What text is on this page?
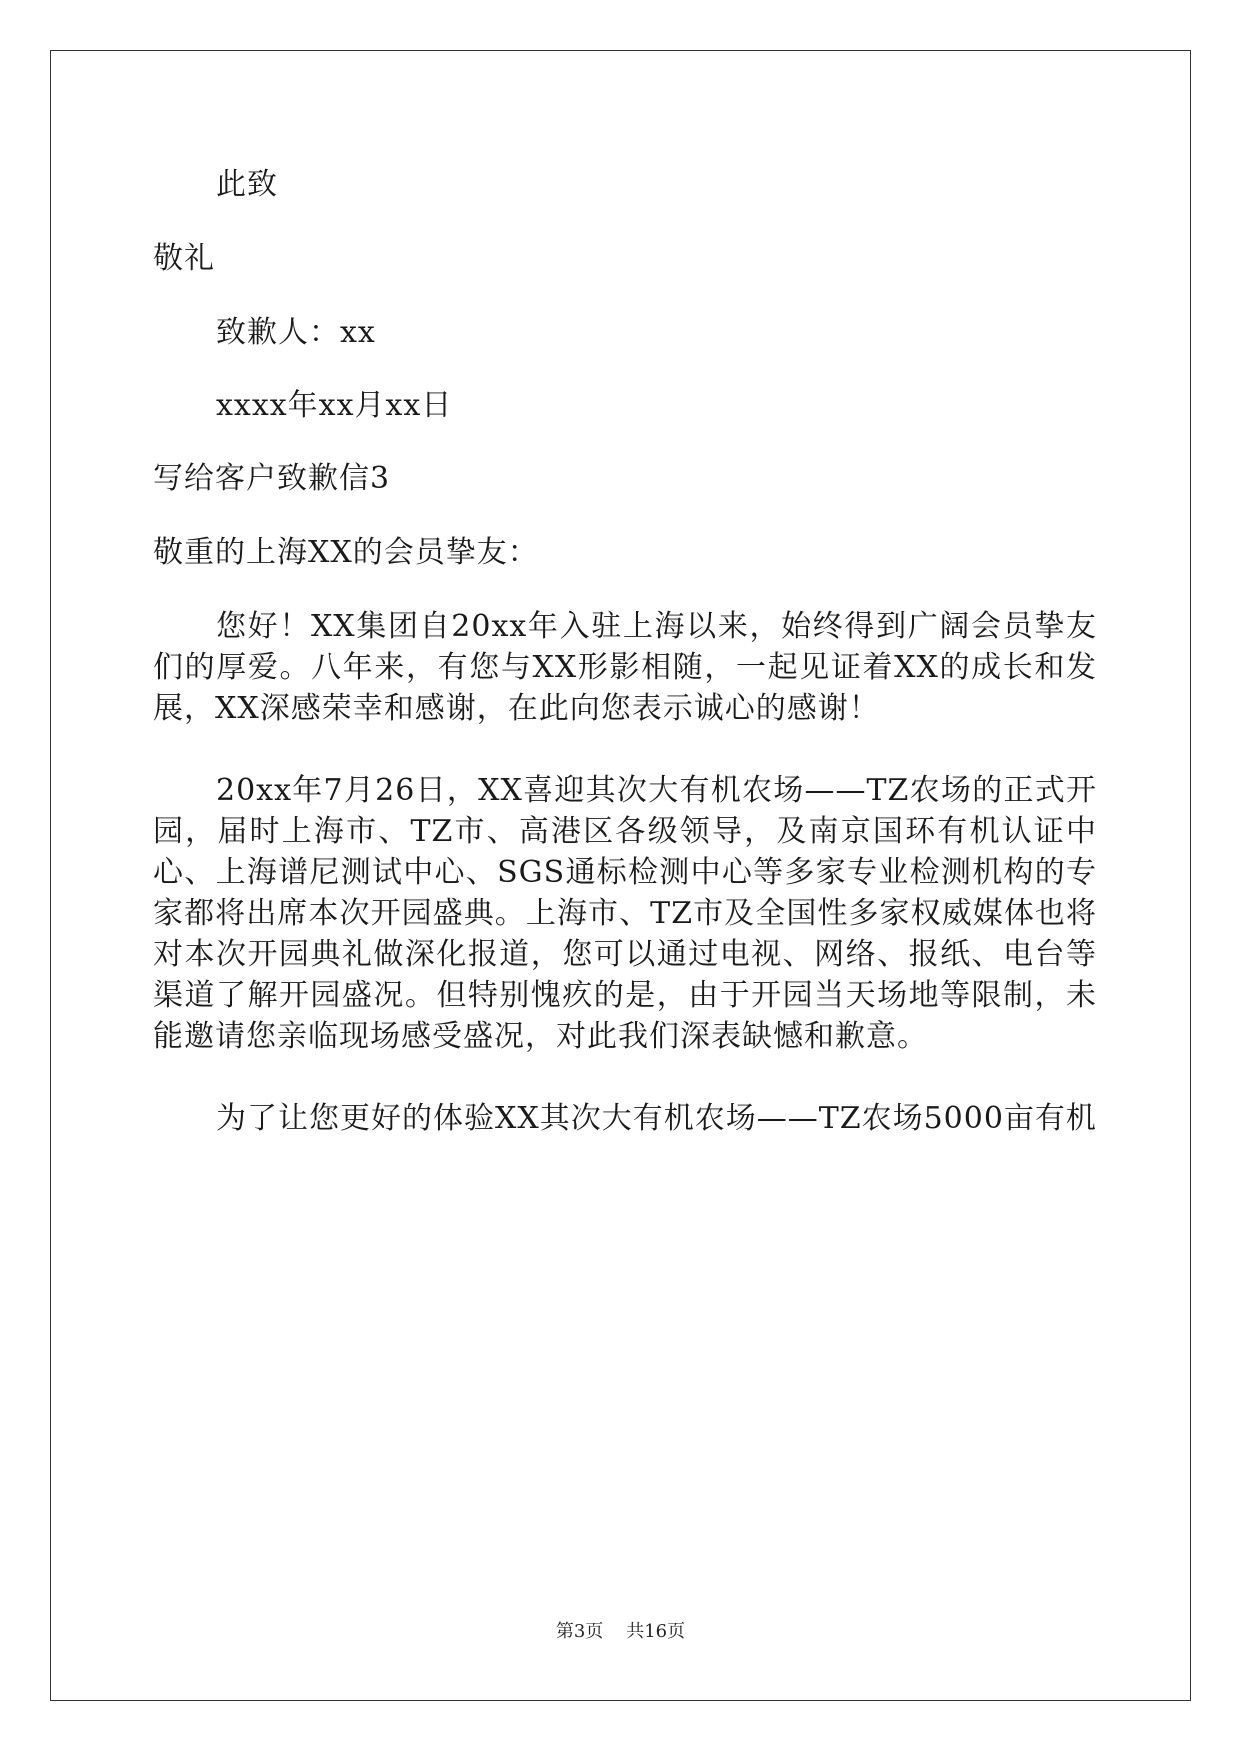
此致
敬礼
致歉人：xx
xxxx年xx月xx日
写给客户致歉信3
敬重的上海XX的会员挚友：

您好！XX集团自20xx年入驻上海以来，始终得到广阔会员挚友们的厚爱。八年来，有您与XX形影相随，一起见证着XX的成长和发展，XX深感荣幸和感谢，在此向您表示诚心的感谢！

20xx年7月26日，XX喜迎其次大有机农场——TZ农场的正式开园，届时上海市、TZ市、高港区各级领导，及南京国环有机认证中心、上海谱尼测试中心、SGS通标检测中心等多家专业检测机构的专家都将出席本次开园盛典。上海市、TZ市及全国性多家权威媒体也将对本次开园典礼做深化报道，您可以通过电视、网络、报纸、电台等渠道了解开园盛况。但特别愧疚的是，由于开园当天场地等限制，未能邀请您亲临现场感受盛况，对此我们深表缺憾和歉意。

为了让您更好的体验XX其次大有机农场——TZ农场5000亩有机

第3页 共16页
